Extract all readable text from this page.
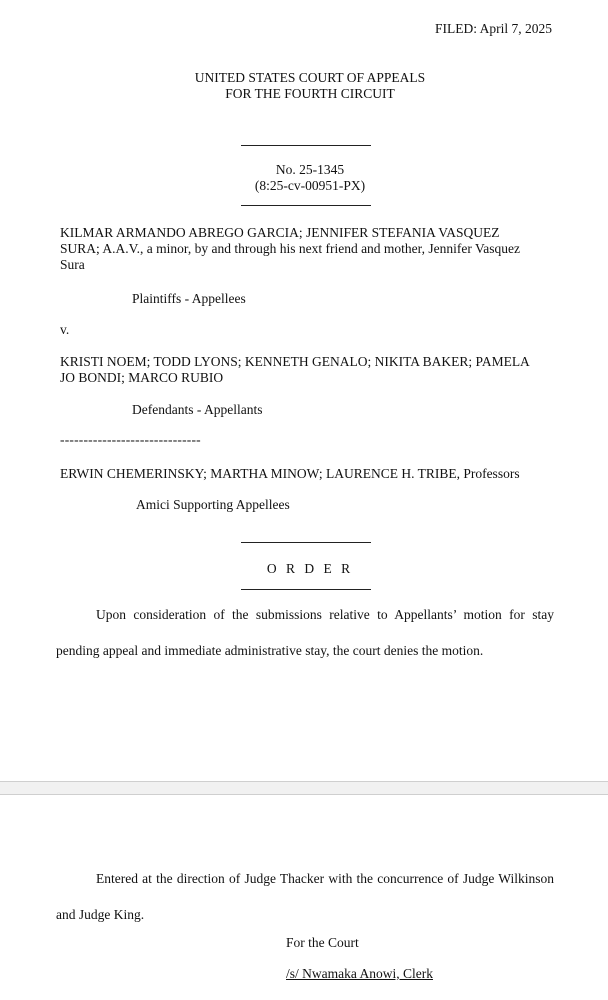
FILED: April 7, 2025
UNITED STATES COURT OF APPEALS
FOR THE FOURTH CIRCUIT
No. 25-1345
(8:25-cv-00951-PX)
KILMAR ARMANDO ABREGO GARCIA; JENNIFER STEFANIA VASQUEZ
SURA; A.A.V., a minor, by and through his next friend and mother, Jennifer Vasquez
Sura
Plaintiffs - Appellees
v.
KRISTI NOEM; TODD LYONS; KENNETH GENALO; NIKITA BAKER; PAMELA
JO BONDI; MARCO RUBIO
Defendants - Appellants
------------------------------
ERWIN CHEMERINSKY; MARTHA MINOW; LAURENCE H. TRIBE, Professors
Amici Supporting Appellees
O R D E R
Upon consideration of the submissions relative to Appellants’ motion for stay
pending appeal and immediate administrative stay, the court denies the motion.
Entered at the direction of Judge Thacker with the concurrence of Judge Wilkinson
and Judge King.
For the Court
/s/ Nwamaka Anowi, Clerk
